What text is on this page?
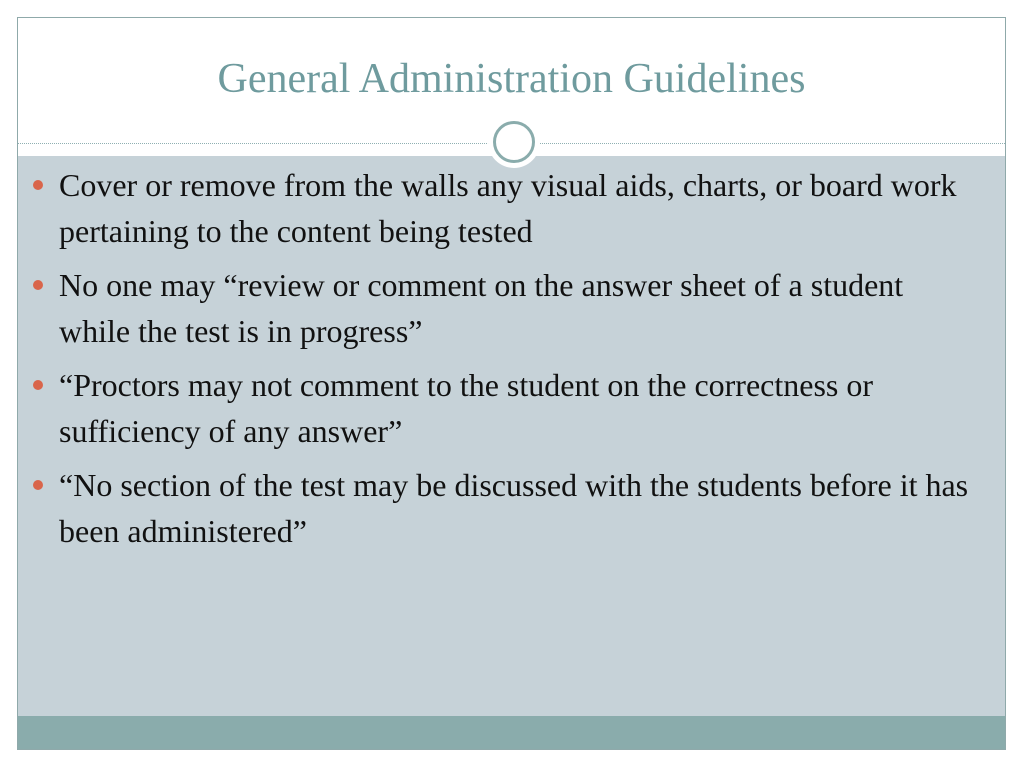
General Administration Guidelines
Cover or remove from the walls any visual aids, charts, or board work pertaining to the content being tested
No one may “review or comment on the answer sheet of a student while the test is in progress”
“Proctors may not comment to the student on the correctness or sufficiency of any answer”
“No section of the test may be discussed with the students before it has been administered”
